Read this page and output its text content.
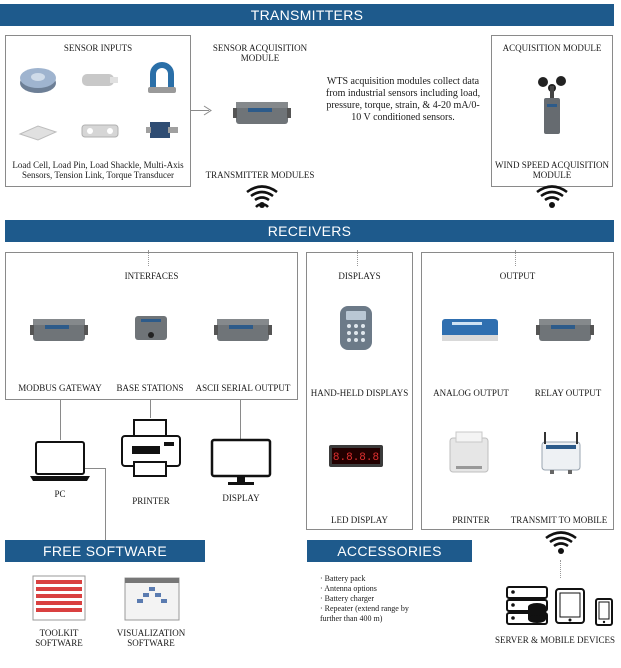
TRANSMITTERS
SENSOR INPUTS
Load Cell, Load Pin, Load Shackle, Multi-Axis Sensors, Tension Link, Torque Transducer
SENSOR ACQUISITION MODULE
TRANSMITTER MODULES
WTS acquisition modules collect data from industrial sensors including load, pressure, torque, strain, & 4-20 mA/0-10 V conditioned sensors.
ACQUISITION MODULE
WIND SPEED ACQUISITION MODULE
RECEIVERS
INTERFACES
MODBUS GATEWAY	BASE STATIONS	ASCII SERIAL OUTPUT
PC
PRINTER	DISPLAY
DISPLAYS
HAND-HELD DISPLAYS
8.8.8.8
LED DISPLAY
OUTPUT
ANALOG OUTPUT	RELAY OUTPUT
PRINTER	TRANSMIT TO MOBILE
FREE SOFTWARE
TOOLKIT SOFTWARE
VISUALIZATION SOFTWARE
ACCESSORIES
· Battery pack
· Antenna options
· Battery charger
· Repeater (extend range by further than 400 m)
SERVER & MOBILE DEVICES
